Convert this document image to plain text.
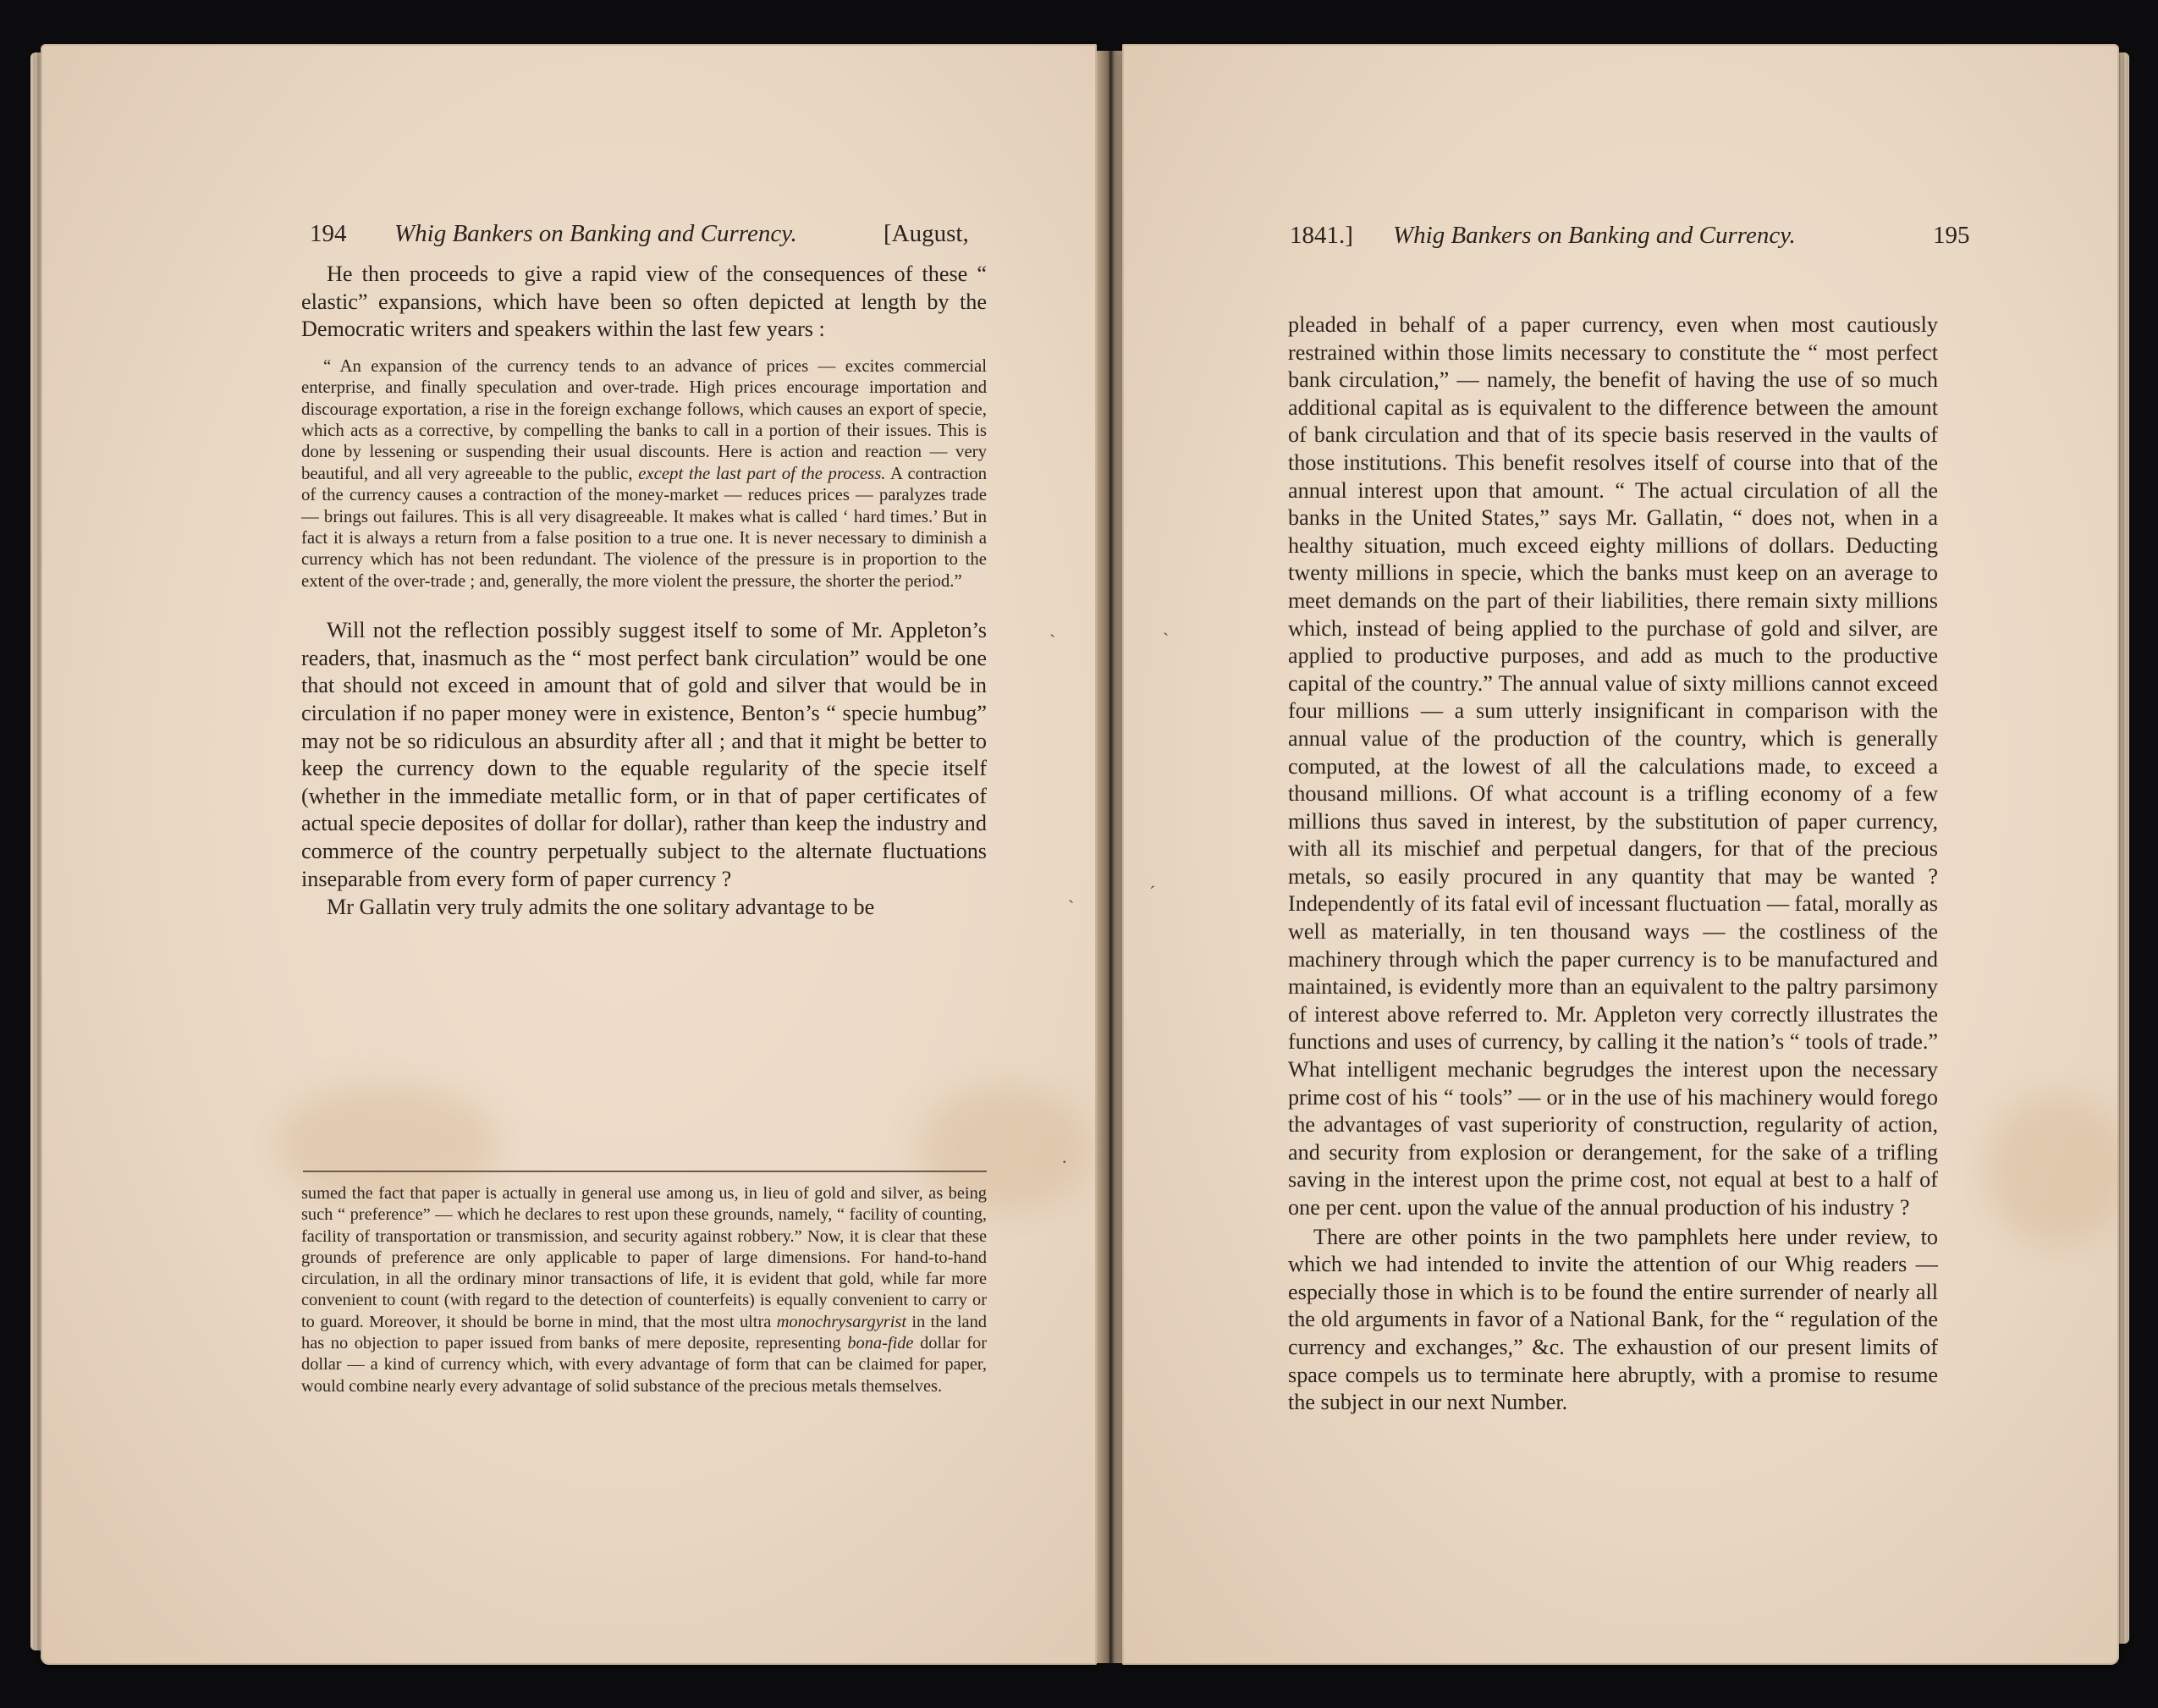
194 Whig Bankers on Banking and Currency.	[August,

He then proceeds to give a rapid view of the consequences of these “ elastic” expansions, which have been so often depicted at length by the Democratic writers and speakers within the last few years :

“ An expansion of the currency tends to an advance of prices — excites commercial enterprise, and finally speculation and over-trade. High prices encourage importation and discourage exportation, a rise in the foreign exchange follows, which causes an export of specie, which acts as a corrective, by compelling the banks to call in a portion of their issues. This is done by lessening or suspending their usual discounts. Here is action and reaction — very beautiful, and all very agreeable to the public, except the last part of the process. A contraction of the currency causes a contraction of the money-market — reduces prices — paralyzes trade — brings out failures. This is all very disagreeable. It makes what is called ‘ hard times.’ But in fact it is always a return from a false position to a true one. It is never necessary to diminish a currency which has not been redundant. The violence of the pressure is in proportion to the extent of the over-trade ; and, generally, the more violent the pressure, the shorter the period.”

Will not the reflection possibly suggest itself to some of Mr. Appleton’s readers, that, inasmuch as the “ most perfect bank circulation” would be one that should not exceed in amount that of gold and silver that would be in circulation if no paper money were in existence, Benton’s “ specie humbug” may not be so ridiculous an absurdity after all ; and that it might be better to keep the currency down to the equable regularity of the specie itself (whether in the immediate metallic form, or in that of paper certificates of actual specie deposites of dollar for dollar), rather than keep the industry and commerce of the country perpetually subject to the alternate fluctuations inseparable from every form of paper currency ?

Mr Gallatin very truly admits the one solitary advantage to be

sumed the fact that paper is actually in general use among us, in lieu of gold and silver, as being such “ preference” — which he declares to rest upon these grounds, namely, “ facility of counting, facility of transportation or transmission, and security against robbery.” Now, it is clear that these grounds of preference are only applicable to paper of large dimensions. For hand-to-hand circulation, in all the ordinary minor transactions of life, it is evident that gold, while far more convenient to count (with regard to the detection of counterfeits) is equally convenient to carry or to guard. Moreover, it should be borne in mind, that the most ultra monochrysargyrist in the land has no objection to paper issued from banks of mere deposite, representing bona-fide dollar for dollar — a kind of currency which, with every advantage of form that can be claimed for paper, would combine nearly every advantage of solid substance of the precious metals themselves.

ˏ
ˎ
·
1841.] Whig Bankers on Banking and Currency.	195

pleaded in behalf of a paper currency, even when most cautiously restrained within those limits necessary to constitute the “ most perfect bank circulation,” — namely, the benefit of having the use of so much additional capital as is equivalent to the difference between the amount of bank circulation and that of its specie basis reserved in the vaults of those institutions. This benefit resolves itself of course into that of the annual interest upon that amount. “ The actual circulation of all the banks in the United States,” says Mr. Gallatin, “ does not, when in a healthy situation, much exceed eighty millions of dollars. Deducting twenty millions in specie, which the banks must keep on an average to meet demands on the part of their liabilities, there remain sixty millions which, instead of being applied to the purchase of gold and silver, are applied to productive purposes, and add as much to the productive capital of the country.” The annual value of sixty millions cannot exceed four millions — a sum utterly insignificant in comparison with the annual value of the production of the country, which is generally computed, at the lowest of all the calculations made, to exceed a thousand millions. Of what account is a trifling economy of a few millions thus saved in interest, by the substitution of paper currency, with all its mischief and perpetual dangers, for that of the precious metals, so easily procured in any quantity that may be wanted ? Independently of its fatal evil of incessant fluctuation — fatal, morally as well as materially, in ten thousand ways — the costliness of the machinery through which the paper currency is to be manufactured and maintained, is evidently more than an equivalent to the paltry parsimony of interest above referred to. Mr. Appleton very correctly illustrates the functions and uses of currency, by calling it the nation’s “ tools of trade.” What intelligent mechanic begrudges the interest upon the necessary prime cost of his “ tools” — or in the use of his machinery would forego the advantages of vast superiority of construction, regularity of action, and security from explosion or derangement, for the sake of a trifling saving in the interest upon the prime cost, not equal at best to a half of one per cent. upon the value of the annual production of his industry ?

There are other points in the two pamphlets here under review, to which we had intended to invite the attention of our Whig readers — especially those in which is to be found the entire surrender of nearly all the old arguments in favor of a National Bank, for the “ regulation of the currency and exchanges,” &c. The exhaustion of our present limits of space compels us to terminate here abruptly, with a promise to resume the subject in our next Number.

ˏ
ˊ
